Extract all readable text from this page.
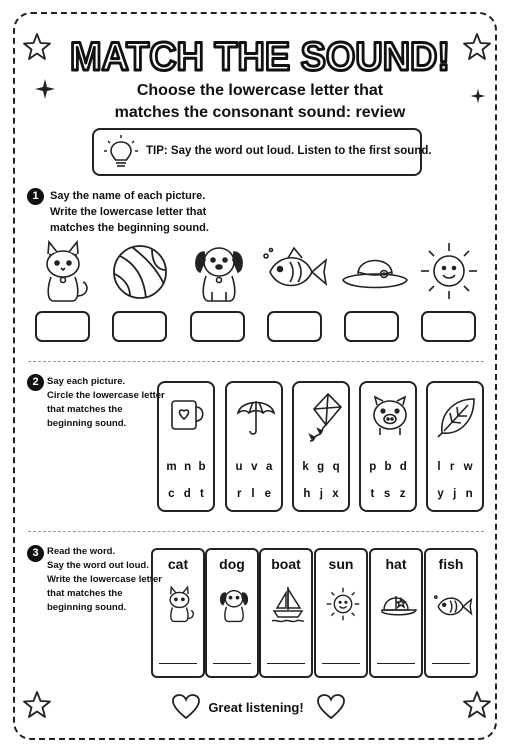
MATCH THE SOUND!
Choose the lowercase letter that
matches the consonant sound: review
TIP: Say the word out loud. Listen to the first sound.
1	Say the name of each picture.
Write the lowercase letter that
matches the beginning sound.
2 Say each picture.
Circle the lowercase letter
that matches the
beginning sound.
m n b
c d t
u v a
r l e
k g q
h j x
p b d
t s z
l r w
y j n
3 Read the word.
Say the word out loud.
Write the lowercase letter
that matches the
beginning sound.
cat	dog	boat	sun	hat	fish
Great listening!
